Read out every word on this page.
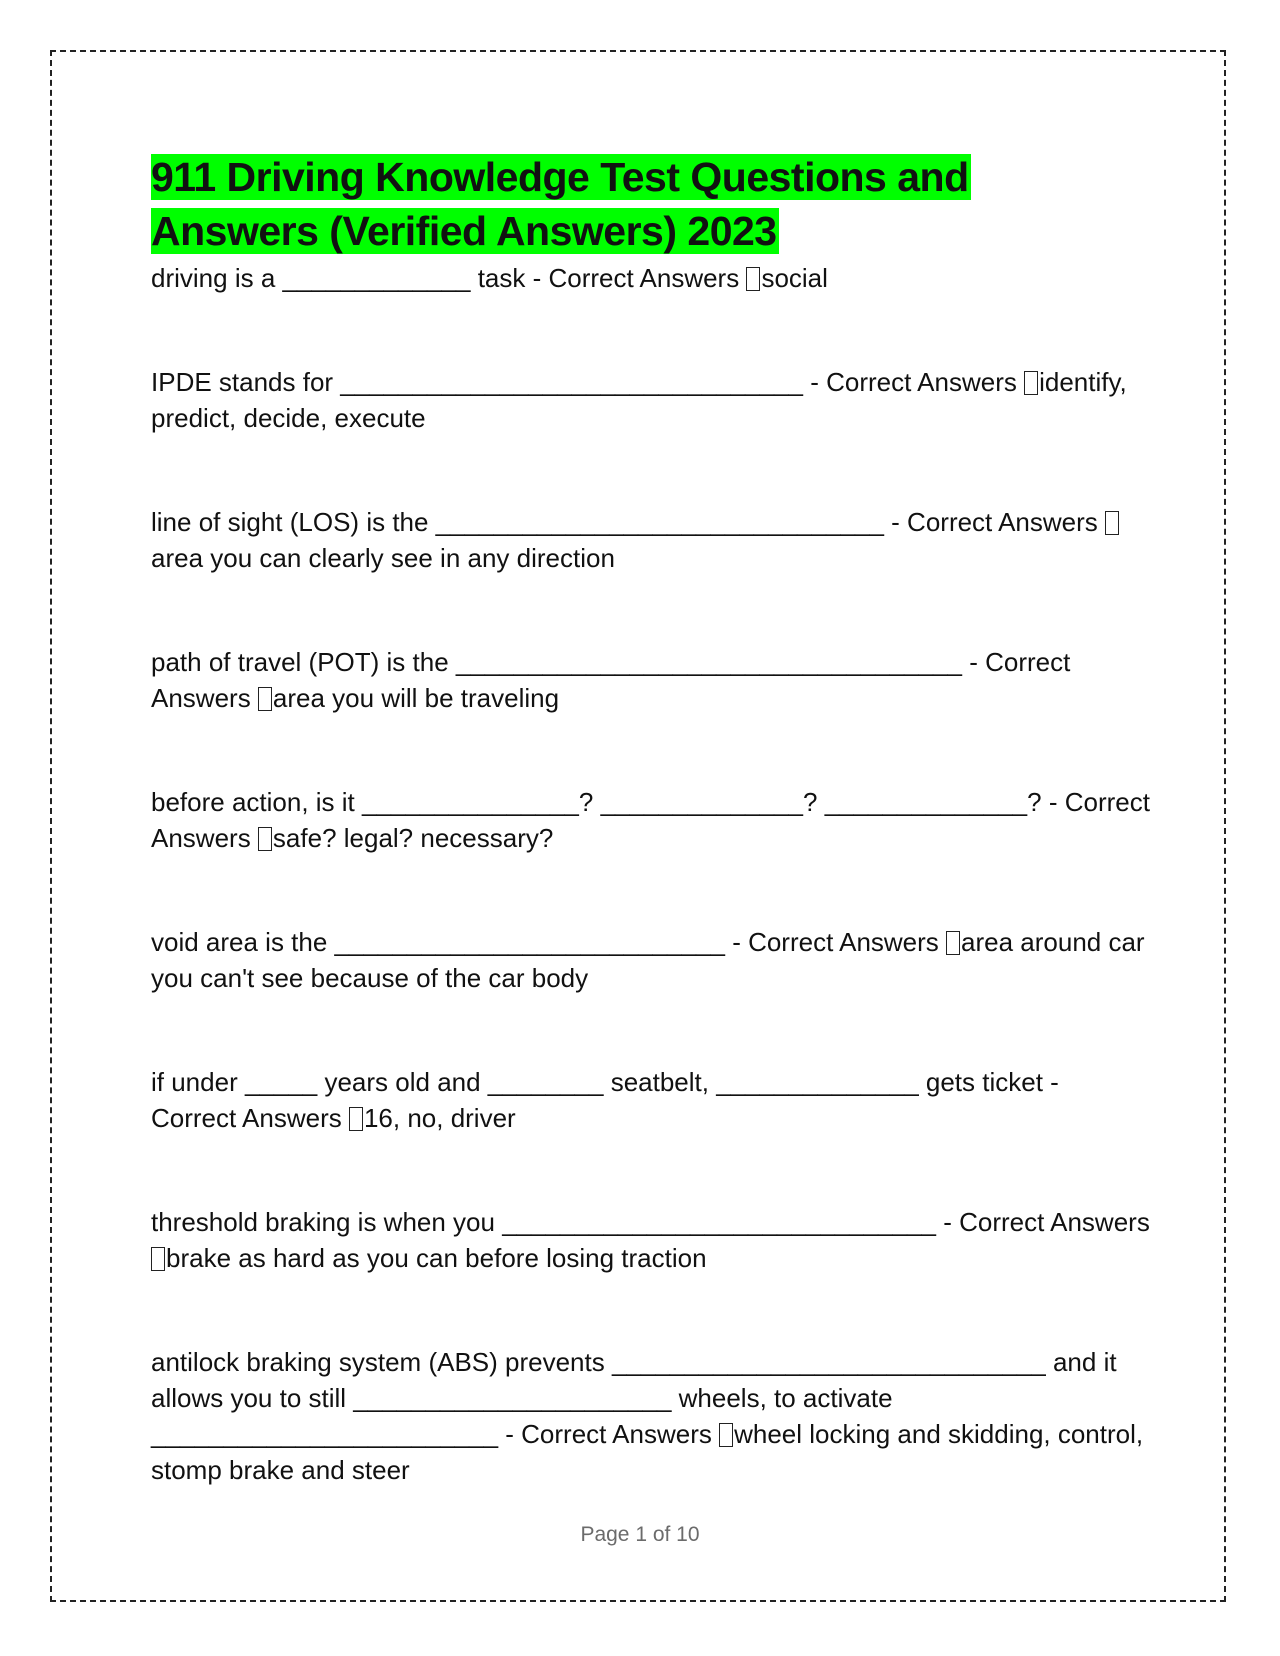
911 Driving Knowledge Test Questions and
Answers (Verified Answers) 2023

driving is a _____________ task - Correct Answers social

IPDE stands for ________________________________ - Correct Answers identify, predict, decide, execute

line of sight (LOS) is the _______________________________ - Correct Answers area you can clearly see in any direction

path of travel (POT) is the ___________________________________ - Correct Answers area you will be traveling

before action, is it _______________? ______________? ______________? - Correct Answers safe? legal? necessary?

void area is the ___________________________ - Correct Answers area around car you can't see because of the car body

if under _____ years old and ________ seatbelt, ______________ gets ticket - Correct Answers 16, no, driver

threshold braking is when you ______________________________ - Correct Answers brake as hard as you can before losing traction

antilock braking system (ABS) prevents ______________________________ and it allows you to still ______________________ wheels, to activate ________________________ - Correct Answers wheel locking and skidding, control, stomp brake and steer

Page 1 of 10
